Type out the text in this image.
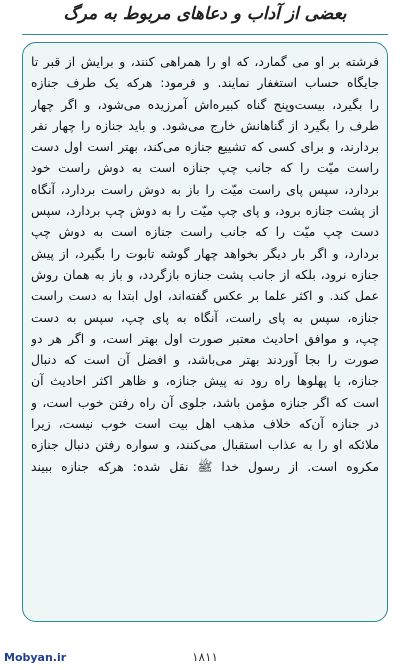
بعضی از آداب و دعاهای مربوط به مرگ
فرشته بر او می گمارد، که او را همراهی کنند، و برایش از قبر تا
جایگاه حساب استغفار نمایند. و فرمود: هرکه یک طرف جنازه
را بگیرد، بیست‌وپنج گناه کبیره‌اش آمرزیده می‌شود، و اگر چهار
طرف را بگیرد از گناهانش خارج می‌شود. و باید جنازه را چهار نفر
بردارند، و برای کسی که تشییع جنازه می‌کند، بهتر است اول دست
راست میّت را که جانب چپ جنازه است به دوش راست خود
بردارد، سپس پای راست میّت را باز به دوش راست بردارد، آنگاه
از پشت جنازه برود، و پای چپ میّت را به دوش چپ بردارد، سپس
دست چپ میّت را که جانب راست جنازه است به دوش چپ
بردارد، و اگر بار دیگر بخواهد چهار گوشه تابوت را بگیرد، از پیش
جنازه نرود، بلکه از جانب پشت جنازه بازگردد، و باز به همان روش
عمل کند. و اکثر علما بر عکس گفته‌اند، اول ابتدا به دست راست
جنازه، سپس به پای راست، آنگاه به پای چپ، سپس به دست
چپ، و موافق احادیث معتبر صورت اول بهتر است، و اگر هر دو
صورت را بجا آوردند بهتر می‌باشد، و افضل آن است که دنبال
جنازه، یا پهلوها راه رود نه پیش جنازه، و ظاهر اکثر احادیث آن
است که اگر جنازه مؤمن باشد، جلوی آن راه رفتن خوب است، و
در جنازه آن‌که خلاف مذهب اهل بیت است خوب نیست، زیرا
ملائکه او را به عذاب استقبال می‌کنند، و سواره رفتن دنبال جنازه
مکروه است. از رسول خدا ﷺ نقل شده: هرکه جنازه ببیند
Mobyan.ir	۱۸۱۱
